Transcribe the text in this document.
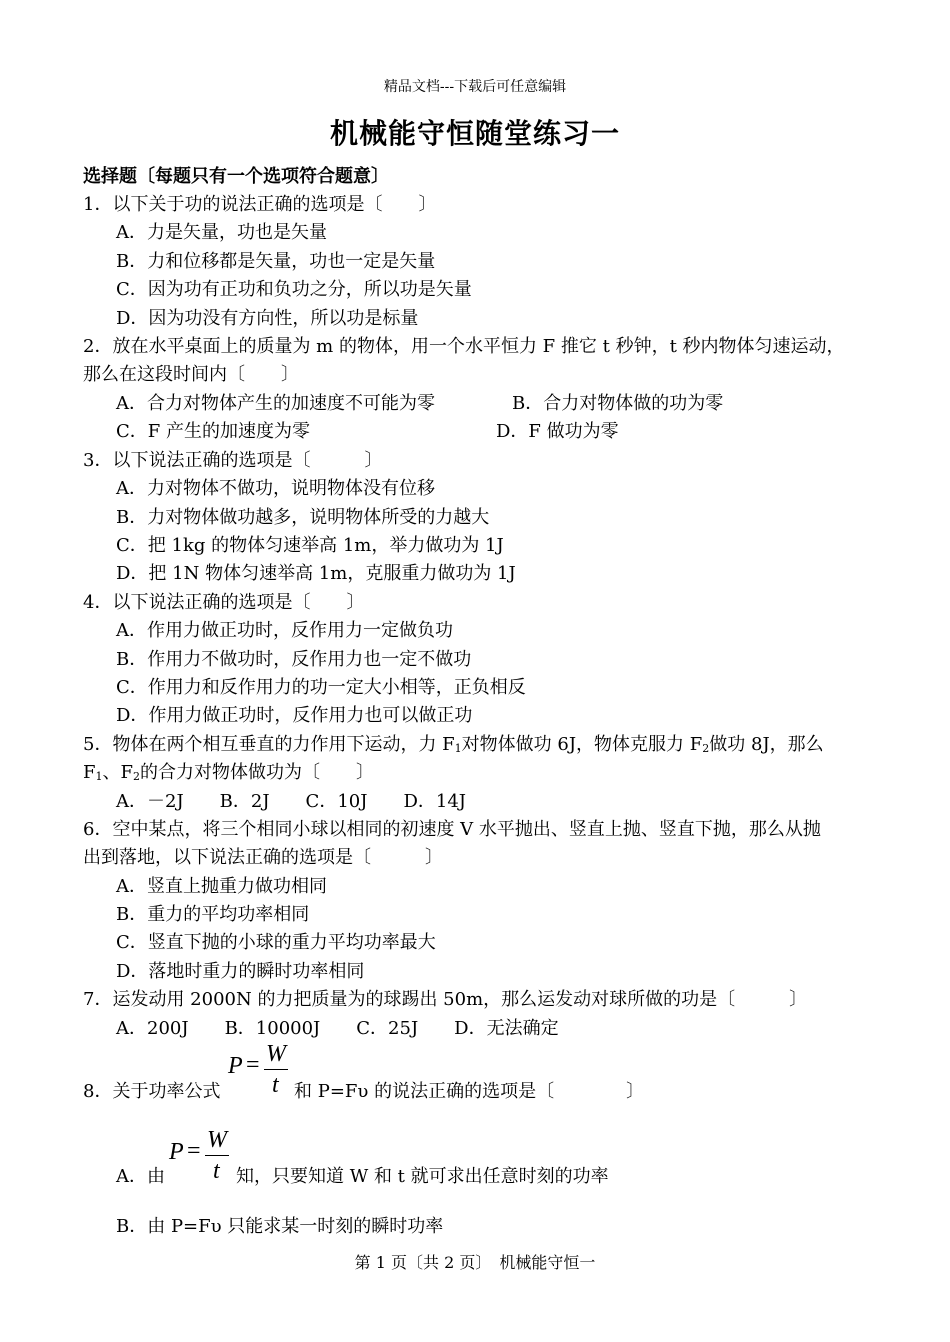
精品文档---下载后可任意编辑
机械能守恒随堂练习一
选择题〔每题只有一个选项符合题意〕
1．以下关于功的说法正确的选项是〔　　〕
A．力是矢量，功也是矢量
B．力和位移都是矢量，功也一定是矢量
C．因为功有正功和负功之分，所以功是矢量
D．因为功没有方向性，所以功是标量
2．放在水平桌面上的质量为 m 的物体，用一个水平恒力 F 推它 t 秒钟，t 秒内物体匀速运动，
那么在这段时间内〔　　〕
A．合力对物体产生的加速度不可能为零	B．合力对物体做的功为零
C．F 产生的加速度为零	D．F 做功为零
3．以下说法正确的选项是〔　　　〕
A．力对物体不做功，说明物体没有位移
B．力对物体做功越多，说明物体所受的力越大
C．把 1kg 的物体匀速举高 1m，举力做功为 1J
D．把 1N 物体匀速举高 1m，克服重力做功为 1J
4．以下说法正确的选项是〔　　〕
A．作用力做正功时，反作用力一定做负功
B．作用力不做功时，反作用力也一定不做功
C．作用力和反作用力的功一定大小相等，正负相反
D．作用力做正功时，反作用力也可以做正功
5．物体在两个相互垂直的力作用下运动，力 $F_1$对物体做功 6J，物体克服力 $F_2$做功 8J，那么
$F_1$、$F_2$的合力对物体做功为〔　　〕
A．－2J　　B．2J　　C．10J　　D．14J
6．空中某点，将三个相同小球以相同的初速度 V 水平抛出、竖直上抛、竖直下抛，那么从抛
出到落地，以下说法正确的选项是〔　　　〕
A．竖直上抛重力做功相同
B．重力的平均功率相同
C．竖直下抛的小球的重力平均功率最大
D．落地时重力的瞬时功率相同
7．运发动用 2000N 的力把质量为的球踢出 50m，那么运发动对球所做的功是〔　　　〕
A．200J　　B．10000J　　C．25J　　D．无法确定
P = W
t
8．关于功率公式	和 P=Fυ 的说法正确的选项是〔　　　　〕
P = W
t
A．由	知，只要知道 W 和 t 就可求出任意时刻的功率
B．由 P=Fυ 只能求某一时刻的瞬时功率
第 1 页〔共 2 页〕　机械能守恒一
